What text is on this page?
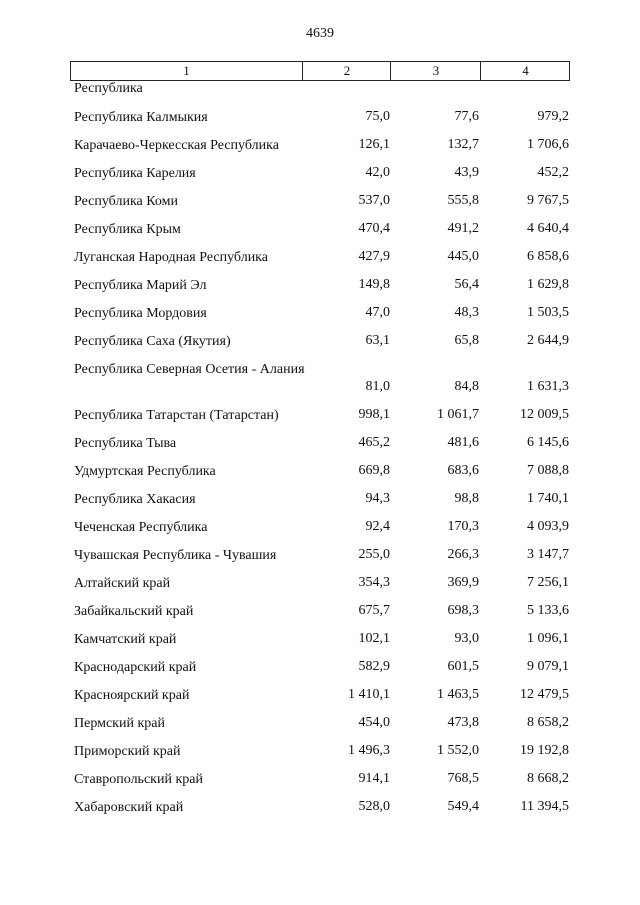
4639
1	2	3	4
Республика
Республика Калмыкия	75,0	77,6	979,2
Карачаево-Черкесская Республика	126,1	132,7	1 706,6
Республика Карелия	42,0	43,9	452,2
Республика Коми	537,0	555,8	9 767,5
Республика Крым	470,4	491,2	4 640,4
Луганская Народная Республика	427,9	445,0	6 858,6
Республика Марий Эл	149,8	56,4	1 629,8
Республика Мордовия	47,0	48,3	1 503,5
Республика Саха (Якутия)	63,1	65,8	2 644,9
Республика Северная Осетия - Алания
81,0	84,8	1 631,3
Республика Татарстан (Татарстан)	998,1	1 061,7	12 009,5
Республика Тыва	465,2	481,6	6 145,6
Удмуртская Республика	669,8	683,6	7 088,8
Республика Хакасия	94,3	98,8	1 740,1
Чеченская Республика	92,4	170,3	4 093,9
Чувашская Республика - Чувашия	255,0	266,3	3 147,7
Алтайский край	354,3	369,9	7 256,1
Забайкальский край	675,7	698,3	5 133,6
Камчатский край	102,1	93,0	1 096,1
Краснодарский край	582,9	601,5	9 079,1
Красноярский край	1 410,1	1 463,5	12 479,5
Пермский край	454,0	473,8	8 658,2
Приморский край	1 496,3	1 552,0	19 192,8
Ставропольский край	914,1	768,5	8 668,2
Хабаровский край	528,0	549,4	11 394,5
